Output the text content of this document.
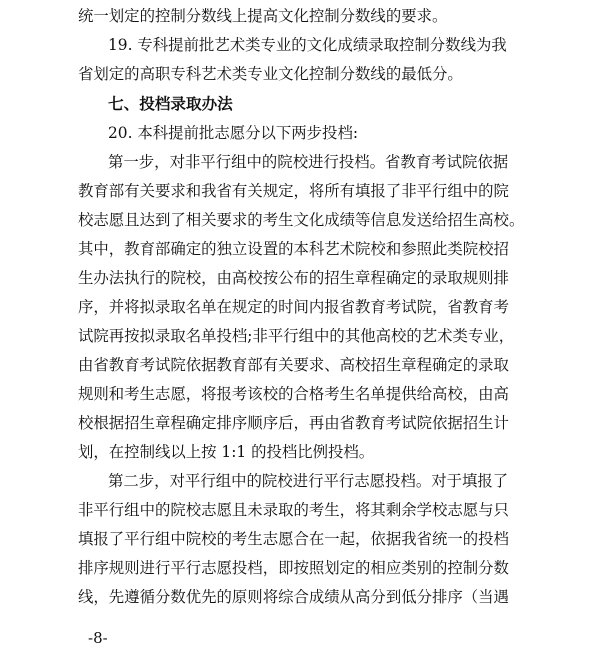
统一划定的控制分数线上提高文化控制分数线的要求。
19. 专科提前批艺术类专业的文化成绩录取控制分数线为我
省划定的高职专科艺术类专业文化控制分数线的最低分。
七、投档录取办法
20. 本科提前批志愿分以下两步投档:
第一步，对非平行组中的院校进行投档。省教育考试院依据
教育部有关要求和我省有关规定，将所有填报了非平行组中的院
校志愿且达到了相关要求的考生文化成绩等信息发送给招生高校。
其中，教育部确定的独立设置的本科艺术院校和参照此类院校招
生办法执行的院校，由高校按公布的招生章程确定的录取规则排
序，并将拟录取名单在规定的时间内报省教育考试院，省教育考
试院再按拟录取名单投档;非平行组中的其他高校的艺术类专业，
由省教育考试院依据教育部有关要求、高校招生章程确定的录取
规则和考生志愿，将报考该校的合格考生名单提供给高校，由高
校根据招生章程确定排序顺序后，再由省教育考试院依据招生计
划，在控制线以上按 1:1 的投档比例投档。
第二步，对平行组中的院校进行平行志愿投档。对于填报了
非平行组中的院校志愿且未录取的考生，将其剩余学校志愿与只
填报了平行组中院校的考生志愿合在一起，依据我省统一的投档
排序规则进行平行志愿投档，即按照划定的相应类别的控制分数
线，先遵循分数优先的原则将综合成绩从高分到低分排序（当遇
-8-
